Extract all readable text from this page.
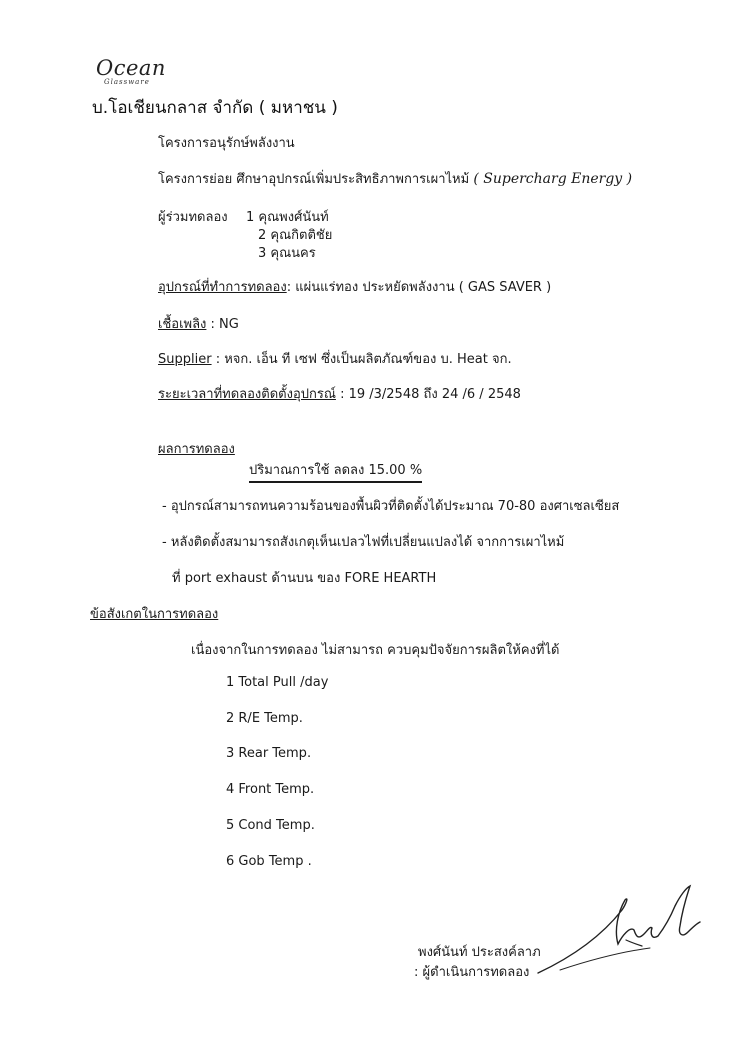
Ocean
Glassware
บ.โอเชียนกลาส จำกัด ( มหาชน )
โครงการอนุรักษ์พลังงาน
โครงการย่อย ศึกษาอุปกรณ์เพิ่มประสิทธิภาพการเผาไหม้ ( Supercharg Energy )
ผู้ร่วมทดลอง 1 คุณพงศ์นันท์
2 คุณกิตติชัย
3 คุณนคร
อุปกรณ์ที่ทำการทดลอง: แผ่นแร่ทอง ประหยัดพลังงาน ( GAS SAVER )
เชื้อเพลิง : NG
Supplier : หจก. เอ็น ที เซฟ ซึ่งเป็นผลิตภัณฑ์ของ บ. Heat จก.
ระยะเวลาที่ทดลองติดตั้งอุปกรณ์ : 19 /3/2548 ถึง 24 /6 / 2548
ผลการทดลอง
ปริมาณการใช้ ลดลง 15.00 %
- อุปกรณ์สามารถทนความร้อนของพื้นผิวที่ติดตั้งได้ประมาณ 70-80 องศาเซลเซียส
- หลังติดตั้งสมามารถสังเกตุเห็นเปลวไฟที่เปลี่ยนแปลงได้ จากการเผาไหม้
ที่ port exhaust ด้านบน ของ FORE HEARTH
ข้อสังเกตในการทดลอง
เนื่องจากในการทดลอง ไม่สามารถ ควบคุมปัจจัยการผลิตให้คงที่ได้
1 Total Pull /day
2 R/E Temp.
3 Rear Temp.
4 Front Temp.
5 Cond Temp.
6 Gob Temp .
พงศ์นันท์ ประสงค์ลาภ
: ผู้ดำเนินการทดลอง
